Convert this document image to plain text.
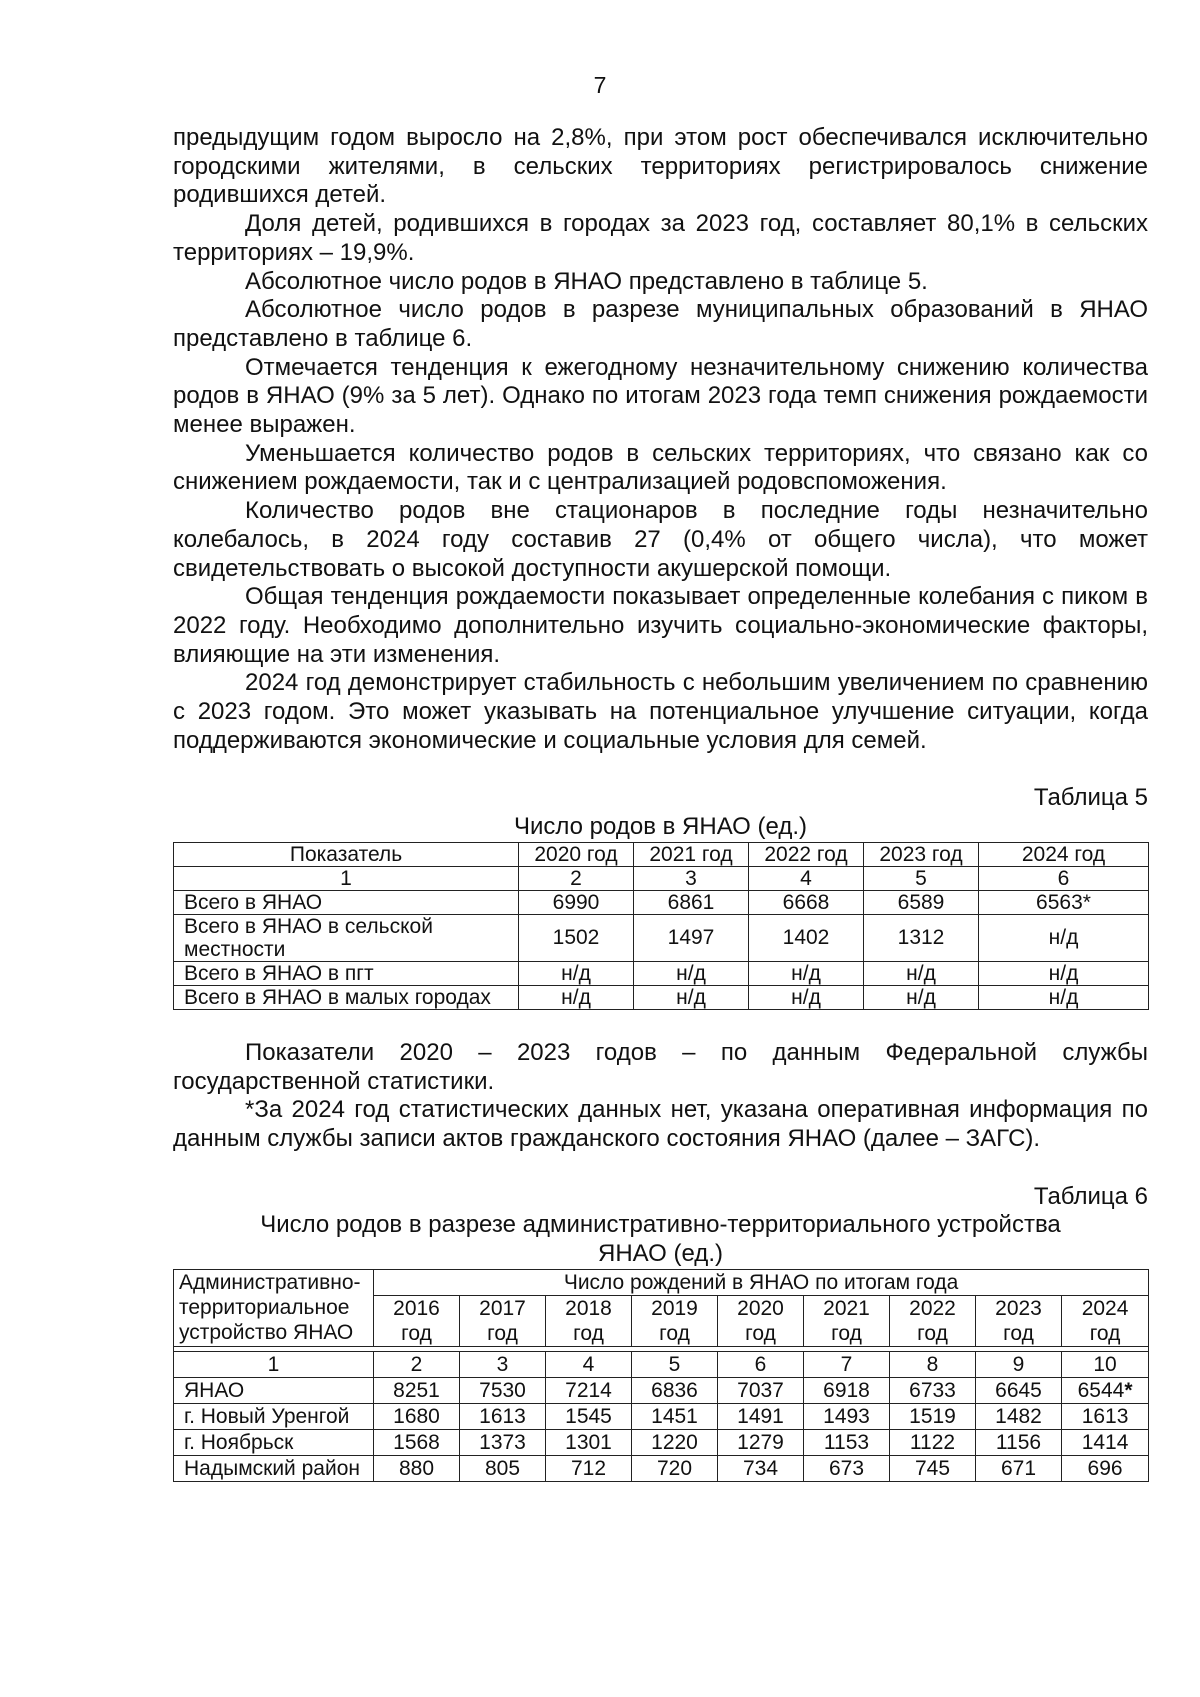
7

предыдущим годом выросло на 2,8%, при этом рост обеспечивался исключительно городскими жителями, в сельских территориях регистрировалось снижение родившихся детей.

Доля детей, родившихся в городах за 2023 год, составляет 80,1% в сельских территориях – 19,9%.

Абсолютное число родов в ЯНАО представлено в таблице 5.

Абсолютное число родов в разрезе муниципальных образований в ЯНАО представлено в таблице 6.

Отмечается тенденция к ежегодному незначительному снижению количества родов в ЯНАО (9% за 5 лет). Однако по итогам 2023 года темп снижения рождаемости менее выражен.

Уменьшается количество родов в сельских территориях, что связано как со снижением рождаемости, так и с централизацией родовспоможения.

Количество родов вне стационаров в последние годы незначительно колебалось, в 2024 году составив 27 (0,4% от общего числа), что может свидетельствовать о высокой доступности акушерской помощи.

Общая тенденция рождаемости показывает определенные колебания с пиком в 2022 году. Необходимо дополнительно изучить социально-экономические факторы, влияющие на эти изменения.

2024 год демонстрирует стабильность с небольшим увеличением по сравнению с 2023 годом. Это может указывать на потенциальное улучшение ситуации, когда поддерживаются экономические и социальные условия для семей.

Таблица 5

Число родов в ЯНАО (ед.)

Показатель	2020 год	2021 год	2022 год	2023 год	2024 год
1	2	3	4	5	6
Всего в ЯНАО	6990	6861	6668	6589	6563*
Всего в ЯНАО в сельской местности	1502	1497	1402	1312	н/д
Всего в ЯНАО в пгт	н/д	н/д	н/д	н/д	н/д
Всего в ЯНАО в малых городах	н/д	н/д	н/д	н/д	н/д

Показатели 2020 – 2023 годов – по данным Федеральной службы государственной статистики.

*За 2024 год статистических данных нет, указана оперативная информация по данным службы записи актов гражданского состояния ЯНАО (далее – ЗАГС).

Таблица 6

Число родов в разрезе административно-территориального устройства

ЯНАО (ед.)

Административно-территориальное устройство ЯНАО	Число рождений в ЯНАО по итогам года								
	2016 год	2017 год	2018 год	2019 год	2020 год	2021 год	2022 год	2023 год	2024 год

1	2	3	4	5	6	7	8	9	10
ЯНАО	8251	7530	7214	6836	7037	6918	6733	6645	6544*
г. Новый Уренгой	1680	1613	1545	1451	1491	1493	1519	1482	1613
г. Ноябрьск	1568	1373	1301	1220	1279	1153	1122	1156	1414
Надымский район	880	805	712	720	734	673	745	671	696
